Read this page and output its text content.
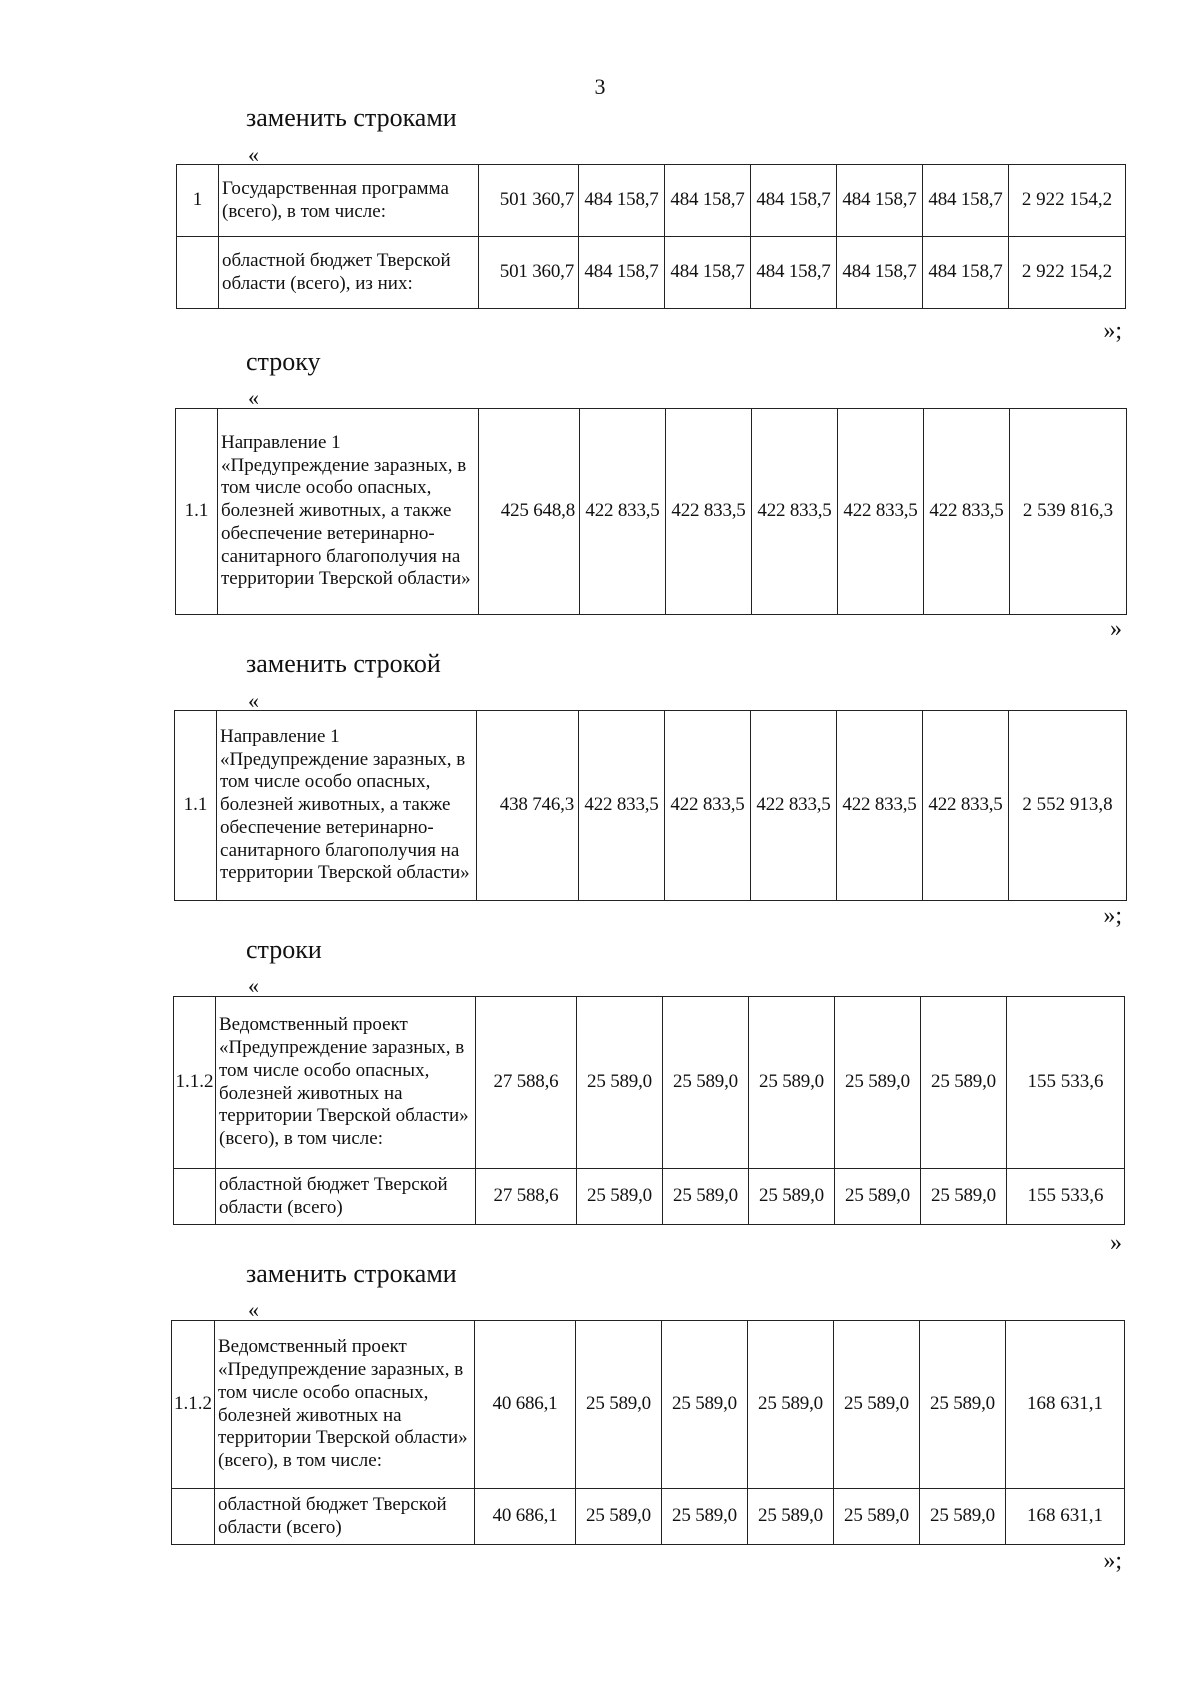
3
заменить строками
«
1	Государственная программа (всего), в том числе:	501 360,7	484 158,7	484 158,7	484 158,7	484 158,7	484 158,7	2 922 154,2
	областной бюджет Тверской области (всего), из них:	501 360,7	484 158,7	484 158,7	484 158,7	484 158,7	484 158,7	2 922 154,2
»;
строку
«
1.1	Направление 1 «Предупреждение заразных, в том числе особо опасных, болезней животных, а также обеспечение ветеринарно-санитарного благополучия на территории Тверской области»	425 648,8	422 833,5	422 833,5	422 833,5	422 833,5	422 833,5	2 539 816,3
»
заменить строкой
«
1.1	Направление 1 «Предупреждение заразных, в том числе особо опасных, болезней животных, а также обеспечение ветеринарно-санитарного благополучия на территории Тверской области»	438 746,3	422 833,5	422 833,5	422 833,5	422 833,5	422 833,5	2 552 913,8
»;
строки
«
1.1.2	Ведомственный проект «Предупреждение заразных, в том числе особо опасных, болезней животных на территории Тверской области» (всего), в том числе:	27 588,6	25 589,0	25 589,0	25 589,0	25 589,0	25 589,0	155 533,6
	областной бюджет Тверской области (всего)	27 588,6	25 589,0	25 589,0	25 589,0	25 589,0	25 589,0	155 533,6
»
заменить строками
«
1.1.2	Ведомственный проект «Предупреждение заразных, в том числе особо опасных, болезней животных на территории Тверской области» (всего), в том числе:	40 686,1	25 589,0	25 589,0	25 589,0	25 589,0	25 589,0	168 631,1
	областной бюджет Тверской области (всего)	40 686,1	25 589,0	25 589,0	25 589,0	25 589,0	25 589,0	168 631,1
»;
